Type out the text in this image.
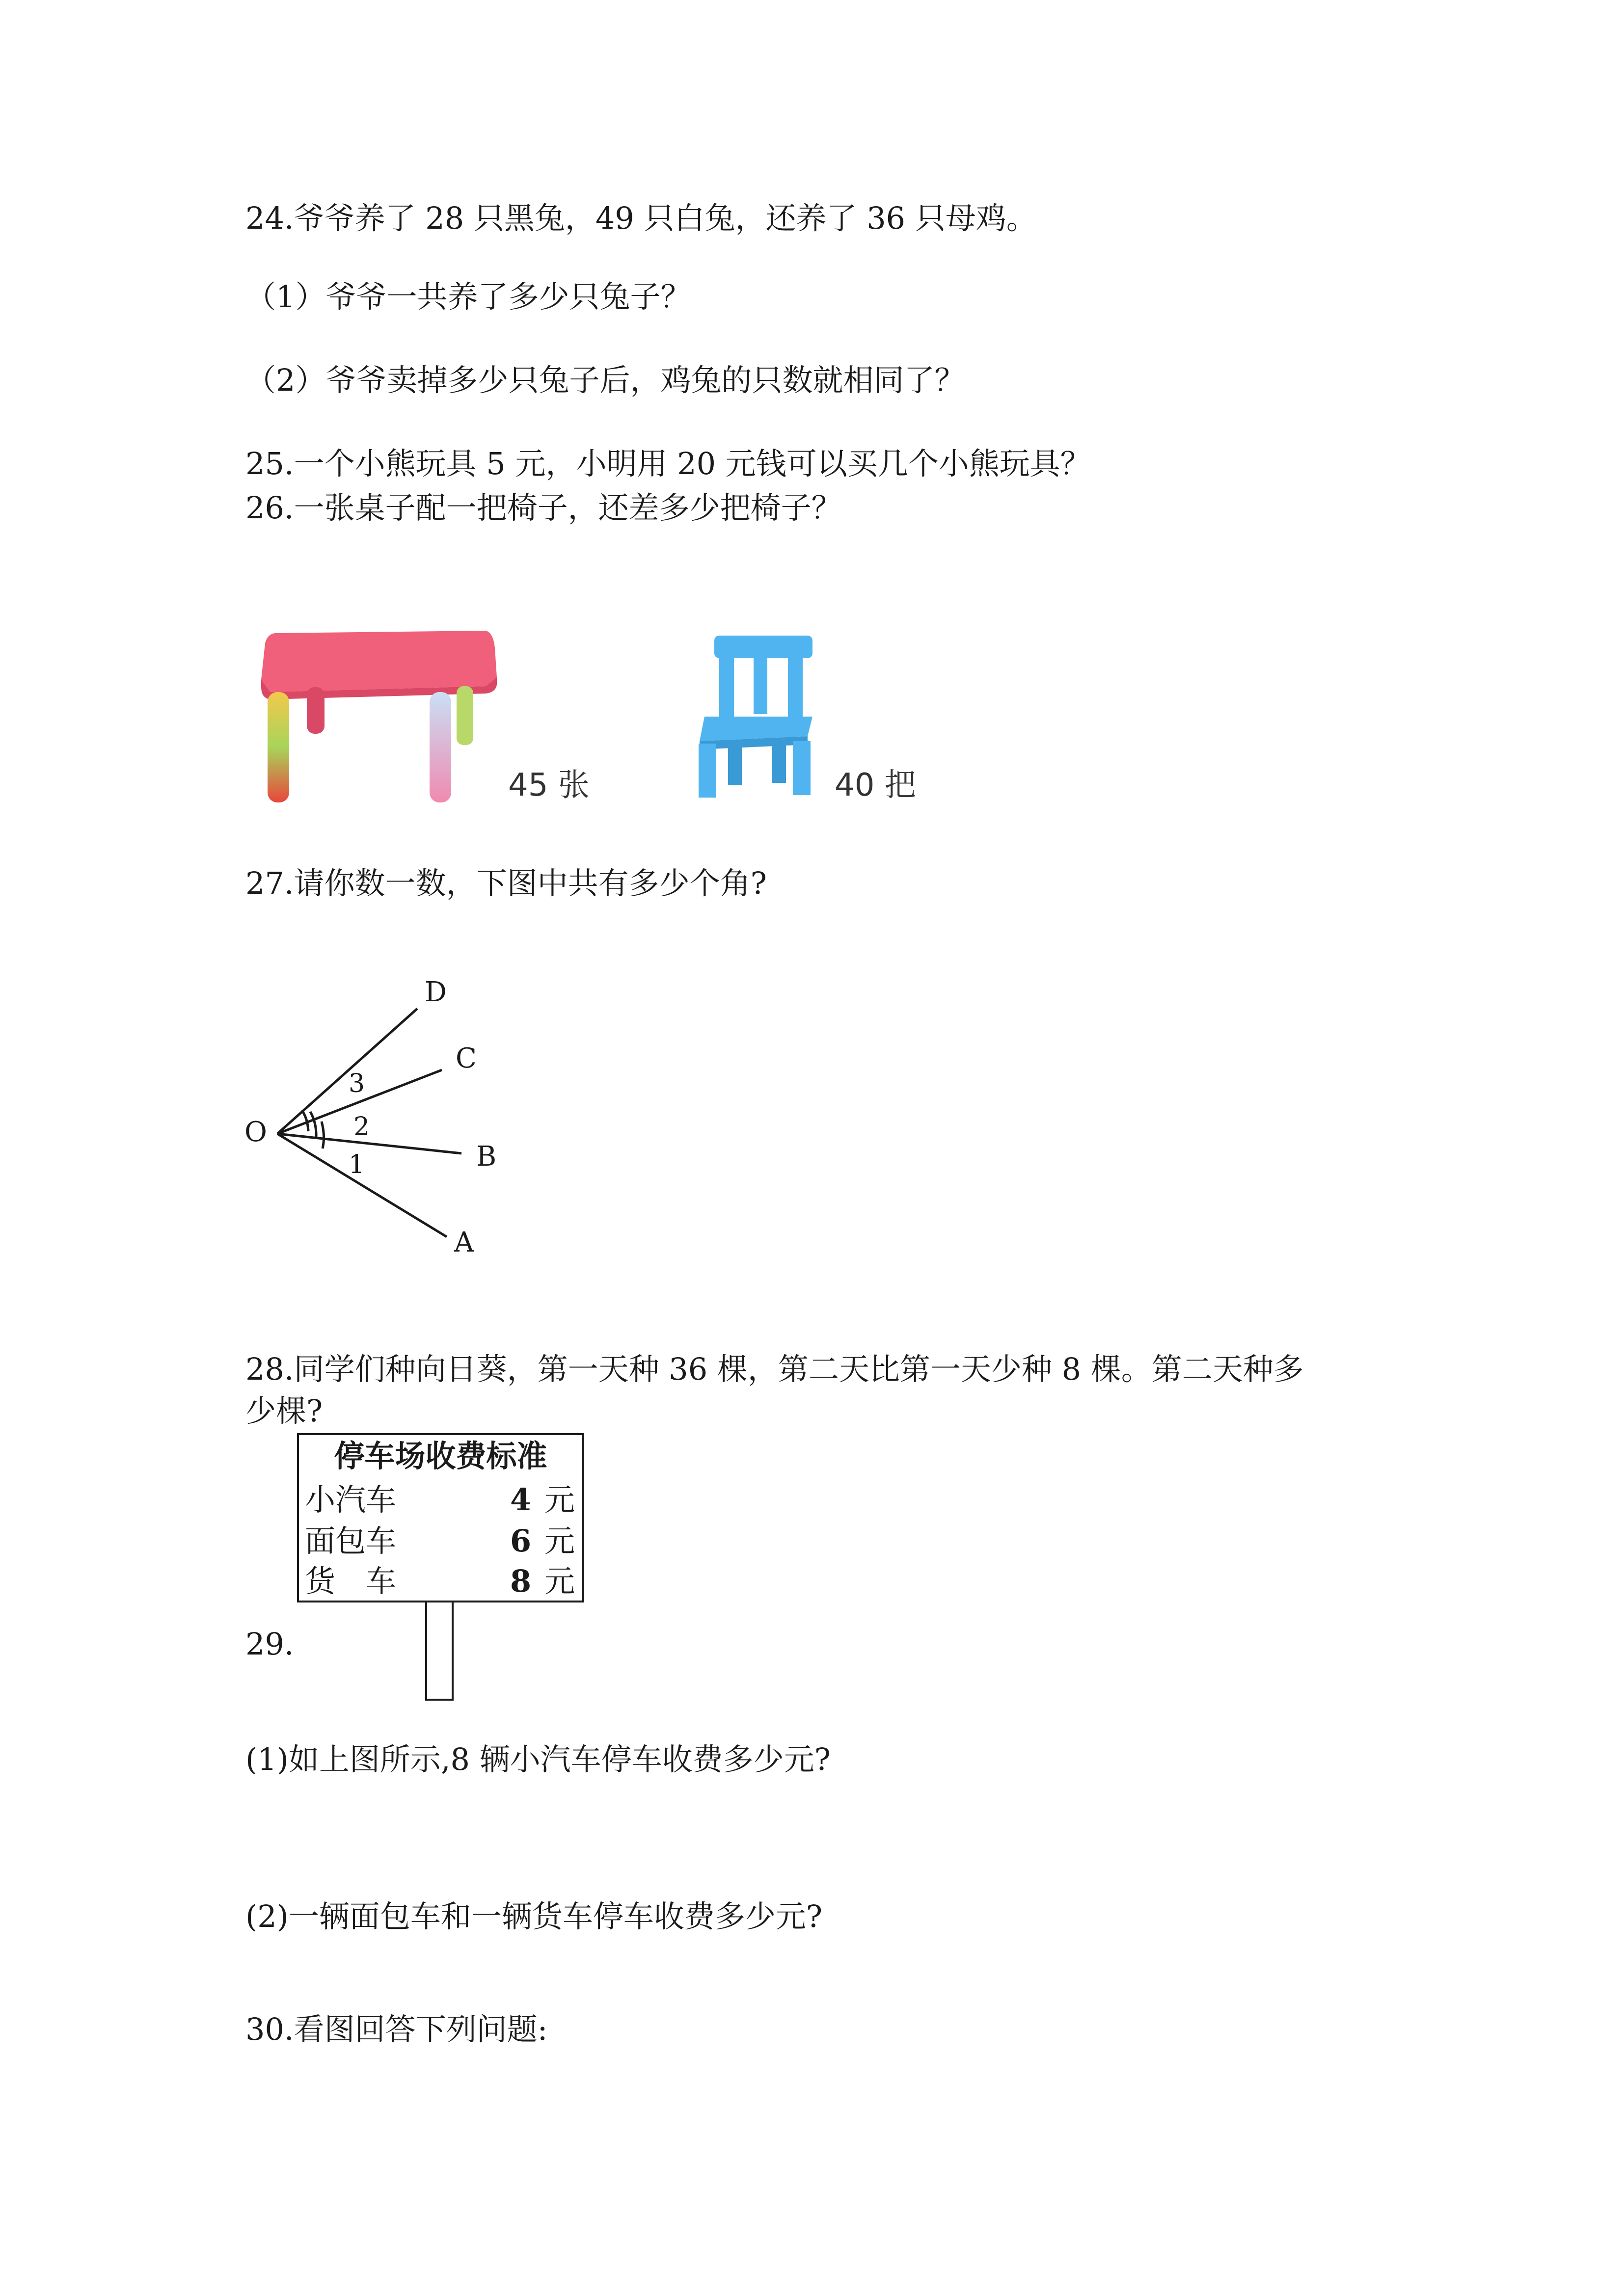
24.爷爷养了 28 只黑兔，49 只白兔，还养了 36 只母鸡。
（1）爷爷一共养了多少只兔子？
（2）爷爷卖掉多少只兔子后，鸡兔的只数就相同了？
25.一个小熊玩具 5 元，小明用 20 元钱可以买几个小熊玩具？
26.一张桌子配一把椅子，还差多少把椅子？
45 张	40 把
27.请你数一数，下图中共有多少个角?
O
A
B
C
D
1
2
3
28.同学们种向日葵，第一天种 36 棵，第二天比第一天少种 8 棵。第二天种多
少棵?
停车场收费标准
小汽车	4 元
面包车	6 元
货　车	8 元
29.
(1)如上图所示,8 辆小汽车停车收费多少元?
(2)一辆面包车和一辆货车停车收费多少元?
30.看图回答下列问题:
